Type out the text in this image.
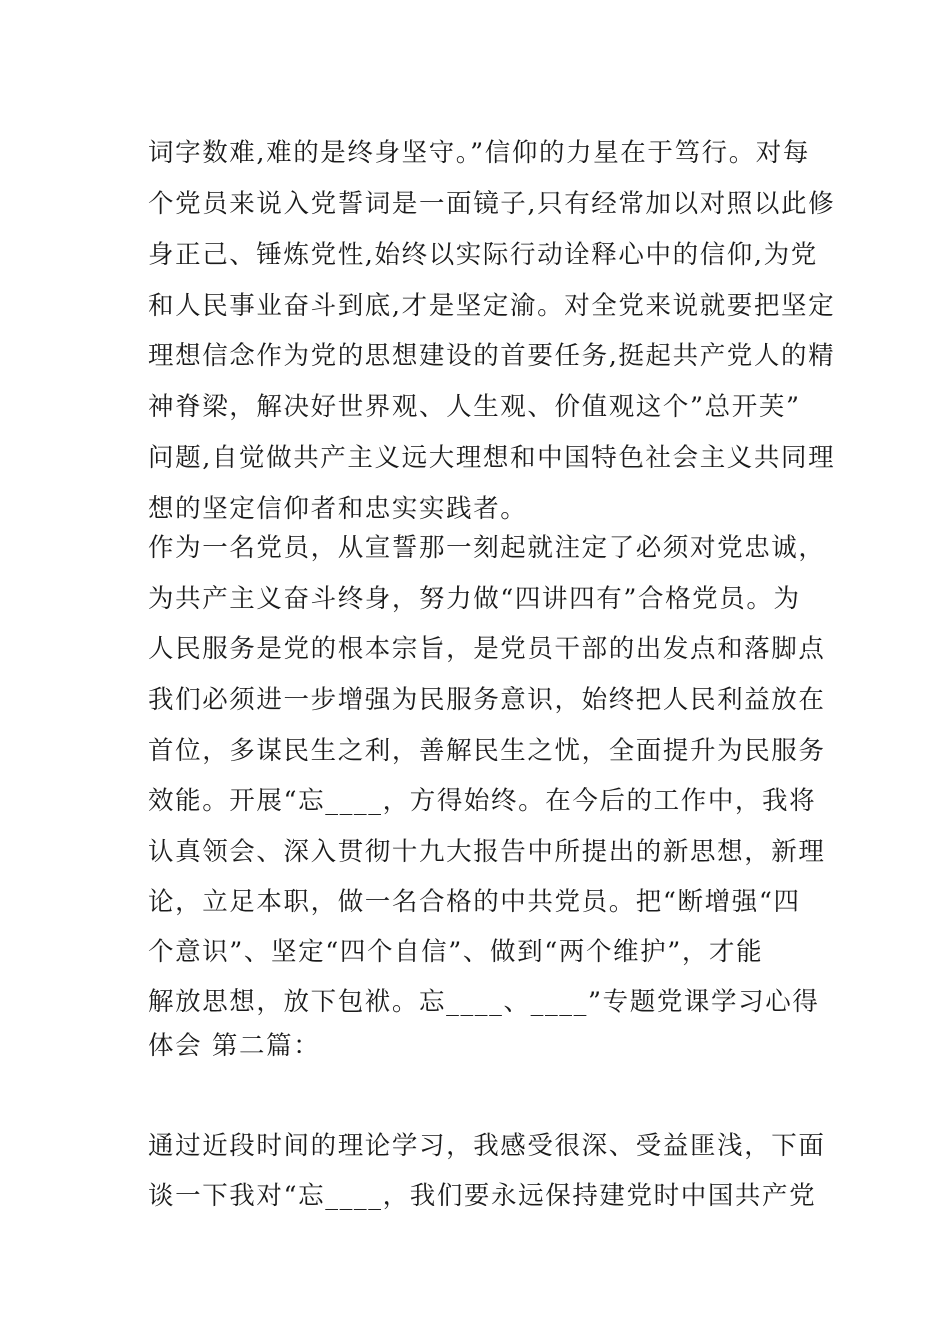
词字数难,难的是终身坚守。”信仰的力星在于笃行。对每
个党员来说入党誓词是一面镜子,只有经常加以对照以此修
身正己、锤炼党性,始终以实际行动诠释心中的信仰,为党
和人民事业奋斗到底,才是坚定渝。对全党来说就要把坚定
理想信念作为党的思想建设的首要任务,挺起共产党人的精
神脊梁，解决好世界观、人生观、价值观这个”总开芙”
问题,自觉做共产主义远大理想和中国特色社会主义共同理
想的坚定信仰者和忠实实践者。
作为一名党员，从宣誓那一刻起就注定了必须对党忠诚，
为共产主义奋斗终身，努力做“四讲四有”合格党员。为
人民服务是党的根本宗旨，是党员干部的出发点和落脚点
我们必须进一步增强为民服务意识，始终把人民利益放在
首位，多谋民生之利，善解民生之忧，全面提升为民服务
效能。开展“忘____，方得始终。在今后的工作中，我将
认真领会、深入贯彻十九大报告中所提出的新思想，新理
论，立足本职，做一名合格的中共党员。把“断增强“四
个意识”、坚定“四个自信”、做到“两个维护”，才能
解放思想，放下包袱。忘____、____”专题党课学习心得
体会 第二篇：
通过近段时间的理论学习，我感受很深、受益匪浅，下面
谈一下我对“忘____，我们要永远保持建党时中国共产党
